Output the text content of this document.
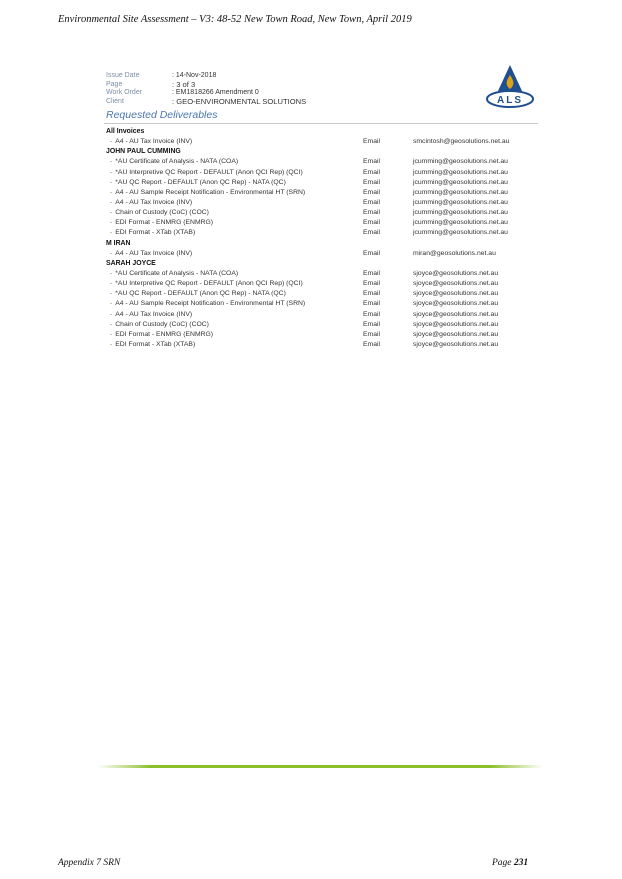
Environmental Site Assessment – V3: 48-52 New Town Road, New Town, April 2019
Issue Date	: 14-Nov-2018
Page	: 3 of 3
Work Order	: EM1818266 Amendment 0
Client	: GEO-ENVIRONMENTAL SOLUTIONS	ALS
Requested Deliverables
All Invoices
- A4 - AU Tax Invoice (INV)	Email	smcintosh@geosolutions.net.au
JOHN PAUL CUMMING
- *AU Certificate of Analysis - NATA (COA)	Email	jcumming@geosolutions.net.au
- *AU Interpretive QC Report - DEFAULT (Anon QCI Rep) (QCI)	Email	jcumming@geosolutions.net.au
- *AU QC Report - DEFAULT (Anon QC Rep) - NATA (QC)	Email	jcumming@geosolutions.net.au
- A4 - AU Sample Receipt Notification - Environmental HT (SRN)	Email	jcumming@geosolutions.net.au
- A4 - AU Tax Invoice (INV)	Email	jcumming@geosolutions.net.au
- Chain of Custody (CoC) (COC)	Email	jcumming@geosolutions.net.au
- EDI Format - ENMRG (ENMRG)	Email	jcumming@geosolutions.net.au
- EDI Format - XTab (XTAB)	Email	jcumming@geosolutions.net.au
M IRAN
- A4 - AU Tax Invoice (INV)	Email	miran@geosolutions.net.au
SARAH JOYCE
- *AU Certificate of Analysis - NATA (COA)	Email	sjoyce@geosolutions.net.au
- *AU Interpretive QC Report - DEFAULT (Anon QCI Rep) (QCI)	Email	sjoyce@geosolutions.net.au
- *AU QC Report - DEFAULT (Anon QC Rep) - NATA (QC)	Email	sjoyce@geosolutions.net.au
- A4 - AU Sample Receipt Notification - Environmental HT (SRN)	Email	sjoyce@geosolutions.net.au
- A4 - AU Tax Invoice (INV)	Email	sjoyce@geosolutions.net.au
- Chain of Custody (CoC) (COC)	Email	sjoyce@geosolutions.net.au
- EDI Format - ENMRG (ENMRG)	Email	sjoyce@geosolutions.net.au
- EDI Format - XTab (XTAB)	Email	sjoyce@geosolutions.net.au
Appendix 7 SRN	Page 231
